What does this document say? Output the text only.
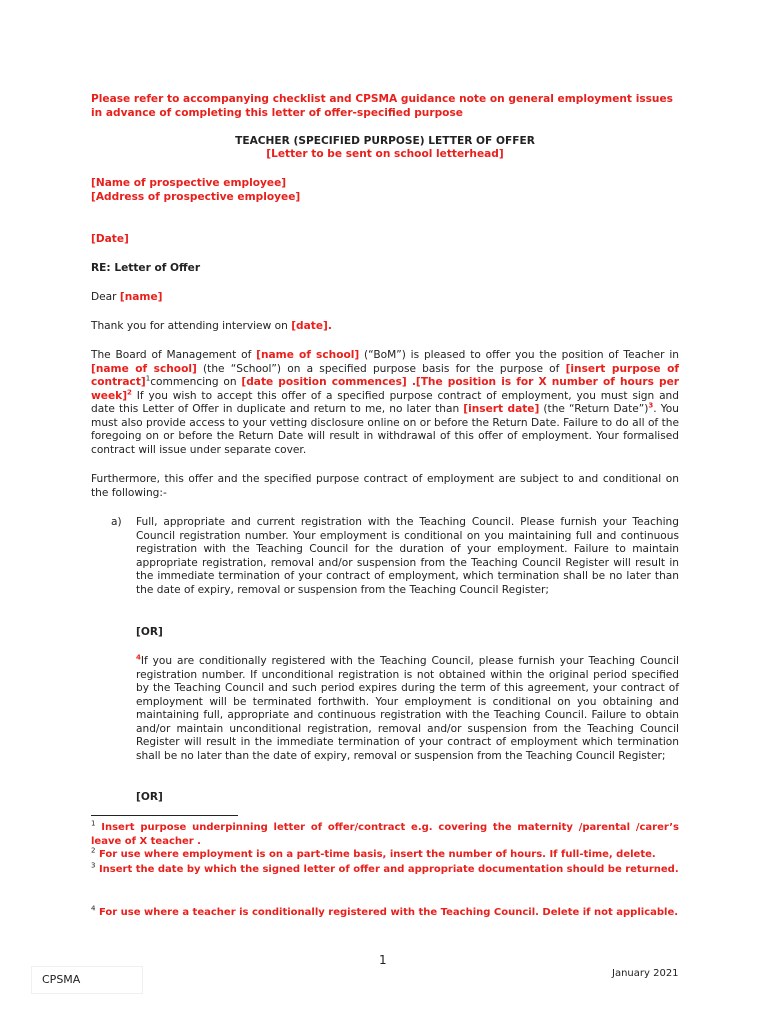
Please refer to accompanying checklist and CPSMA guidance note on general employment issues in advance of completing this letter of offer-specified purpose
TEACHER (SPECIFIED PURPOSE) LETTER OF OFFER
[Letter to be sent on school letterhead]
[Name of prospective employee]
[Address of prospective employee]
[Date]
RE: Letter of Offer
Dear [name]
Thank you for attending interview on [date].
The Board of Management of [name of school] (“BoM”) is pleased to offer you the position of Teacher in [name of school] (the “School”) on a specified purpose basis for the purpose of [insert purpose of contract]$^1$commencing on [date position commences] .[The position is for X number of hours per week]$^2$ If you wish to accept this offer of a specified purpose contract of employment, you must sign and date this Letter of Offer in duplicate and return to me, no later than [insert date] (the “Return Date”)$^3$. You must also provide access to your vetting disclosure online on or before the Return Date. Failure to do all of the foregoing on or before the Return Date will result in withdrawal of this offer of employment. Your formalised contract will issue under separate cover.
Furthermore, this offer and the specified purpose contract of employment are subject to and conditional on the following:-
a) Full, appropriate and current registration with the Teaching Council. Please furnish your Teaching Council registration number. Your employment is conditional on you maintaining full and continuous registration with the Teaching Council for the duration of your employment. Failure to maintain appropriate registration, removal and/or suspension from the Teaching Council Register will result in the immediate termination of your contract of employment, which termination shall be no later than the date of expiry, removal or suspension from the Teaching Council Register;
[OR]
$^4$If you are conditionally registered with the Teaching Council, please furnish your Teaching Council registration number. If unconditional registration is not obtained within the original period specified by the Teaching Council and such period expires during the term of this agreement, your contract of employment will be terminated forthwith. Your employment is conditional on you obtaining and maintaining full, appropriate and continuous registration with the Teaching Council. Failure to obtain and/or maintain unconditional registration, removal and/or suspension from the Teaching Council Register will result in the immediate termination of your contract of employment which termination shall be no later than the date of expiry, removal or suspension from the Teaching Council Register;
[OR]
$^1$ Insert purpose underpinning letter of offer/contract e.g. covering the maternity /parental /carer’s leave of X teacher .
$^2$ For use where employment is on a part-time basis, insert the number of hours. If full-time, delete.
$^3$ Insert the date by which the signed letter of offer and appropriate documentation should be returned.
$^4$ For use where a teacher is conditionally registered with the Teaching Council. Delete if not applicable.
1
CPSMA	January 2021
